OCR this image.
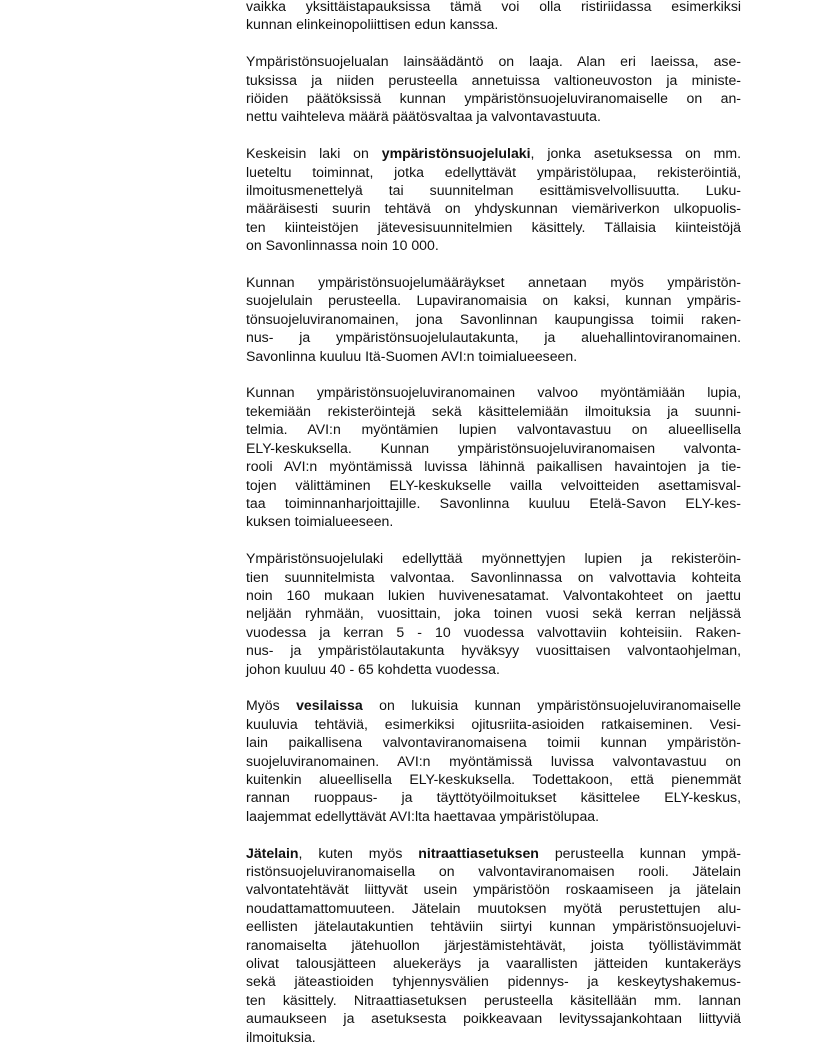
vaikka yksittäistapauksissa tämä voi olla ristiriidassa esimerkiksi
kunnan elinkeinopoliittisen edun kanssa.
Ympäristönsuojelualan lainsäädäntö on laaja. Alan eri laeissa, ase-
tuksissa ja niiden perusteella annetuissa valtioneuvoston ja ministe-
riöiden päätöksissä kunnan ympäristönsuojeluviranomaiselle on an-
nettu vaihteleva määrä päätösvaltaa ja valvontavastuuta.
Keskeisin laki on ympäristönsuojelulaki, jonka asetuksessa on mm.
lueteltu toiminnat, jotka edellyttävät ympäristölupaa, rekisteröintiä,
ilmoitusmenettelyä tai suunnitelman esittämisvelvollisuutta. Luku-
määräisesti suurin tehtävä on yhdyskunnan viemäriverkon ulkopuolis-
ten kiinteistöjen jätevesisuunnitelmien käsittely. Tällaisia kiinteistöjä
on Savonlinnassa noin 10 000.
Kunnan ympäristönsuojelumääräykset annetaan myös ympäristön-
suojelulain perusteella. Lupaviranomaisia on kaksi, kunnan ympäris-
tönsuojeluviranomainen, jona Savonlinnan kaupungissa toimii raken-
nus- ja ympäristönsuojelulautakunta, ja aluehallintoviranomainen.
Savonlinna kuuluu Itä-Suomen AVI:n toimialueeseen.
Kunnan ympäristönsuojeluviranomainen valvoo myöntämiään lupia,
tekemiään rekisteröintejä sekä käsittelemiään ilmoituksia ja suunni-
telmia. AVI:n myöntämien lupien valvontavastuu on alueellisella
ELY-keskuksella. Kunnan ympäristönsuojeluviranomaisen valvonta-
rooli AVI:n myöntämissä luvissa lähinnä paikallisen havaintojen ja tie-
tojen välittäminen ELY-keskukselle vailla velvoitteiden asettamisval-
taa toiminnanharjoittajille. Savonlinna kuuluu Etelä-Savon ELY-kes-
kuksen toimialueeseen.
Ympäristönsuojelulaki edellyttää myönnettyjen lupien ja rekisteröin-
tien suunnitelmista valvontaa. Savonlinnassa on valvottavia kohteita
noin 160 mukaan lukien huvivenesatamat. Valvontakohteet on jaettu
neljään ryhmään, vuosittain, joka toinen vuosi sekä kerran neljässä
vuodessa ja kerran 5 - 10 vuodessa valvottaviin kohteisiin. Raken-
nus- ja ympäristölautakunta hyväksyy vuosittaisen valvontaohjelman,
johon kuuluu 40 - 65 kohdetta vuodessa.
Myös vesilaissa on lukuisia kunnan ympäristönsuojeluviranomaiselle
kuuluvia tehtäviä, esimerkiksi ojitusriita-asioiden ratkaiseminen. Vesi-
lain paikallisena valvontaviranomaisena toimii kunnan ympäristön-
suojeluviranomainen. AVI:n myöntämissä luvissa valvontavastuu on
kuitenkin alueellisella ELY-keskuksella. Todettakoon, että pienemmät
rannan ruoppaus- ja täyttötyöilmoitukset käsittelee ELY-keskus,
laajemmat edellyttävät AVI:lta haettavaa ympäristölupaa.
Jätelain, kuten myös nitraattiasetuksen perusteella kunnan ympä-
ristönsuojeluviranomaisella on valvontaviranomaisen rooli. Jätelain
valvontatehtävät liittyvät usein ympäristöön roskaamiseen ja jätelain
noudattamattomuuteen. Jätelain muutoksen myötä perustettujen alu-
eellisten jätelautakuntien tehtäviin siirtyi kunnan ympäristönsuojeluvi-
ranomaiselta jätehuollon järjestämistehtävät, joista työllistävimmät
olivat talousjätteen aluekeräys ja vaarallisten jätteiden kuntakeräys
sekä jäteastioiden tyhjennysvälien pidennys- ja keskeytyshakemus-
ten käsittely. Nitraattiasetuksen perusteella käsitellään mm. lannan
aumaukseen ja asetuksesta poikkeavaan levityssajankohtaan liittyviä
ilmoituksia.
